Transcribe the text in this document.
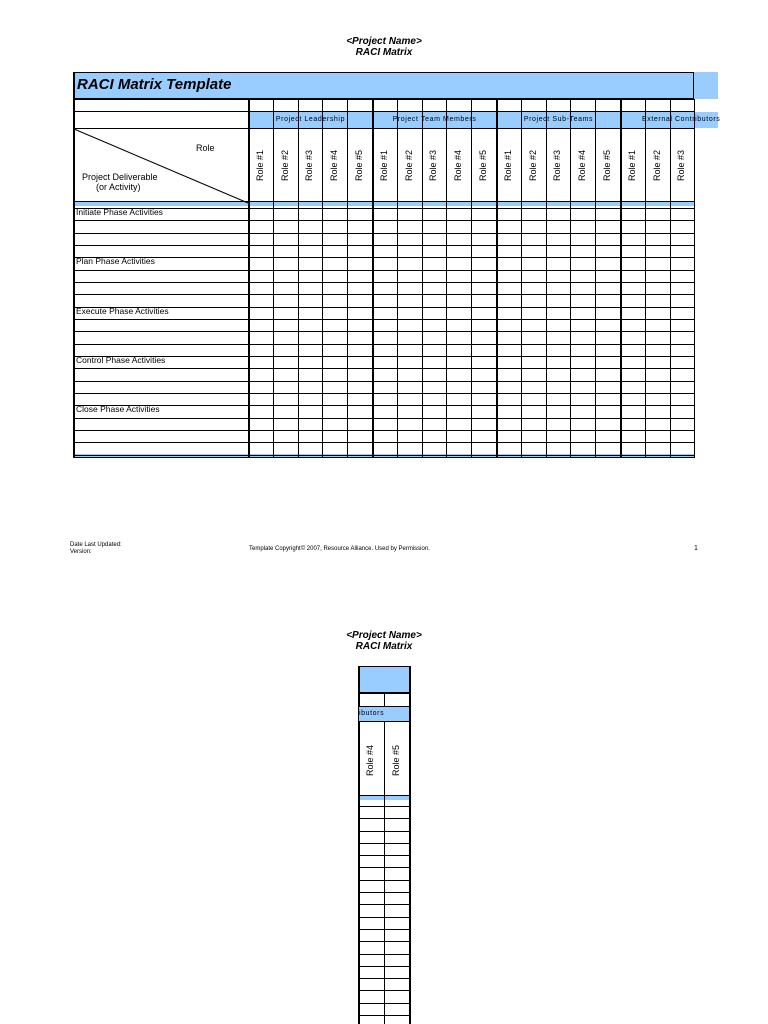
<Project Name>
RACI Matrix
RACI Matrix Template
Project Leadership	Project Team Members	Project Sub-Teams	External Contributors
Role #1 Role #2 Role #3 Role #4 Role #5 Role #1 Role #2 Role #3 Role #4 Role #5 Role #1 Role #2 Role #3 Role #4 Role #5 Role #1 Role #2 Role #3
Role
Project Deliverable
(or Activity)
Initiate Phase Activities
Plan Phase Activities
Execute Phase Activities
Control Phase Activities
Close Phase Activities
Date Last Updated:
Version:	Template Copyright© 2007, Resource Alliance. Used by Permission.	1
<Project Name>
RACI Matrix
ibutors
Role #4 Role #5
